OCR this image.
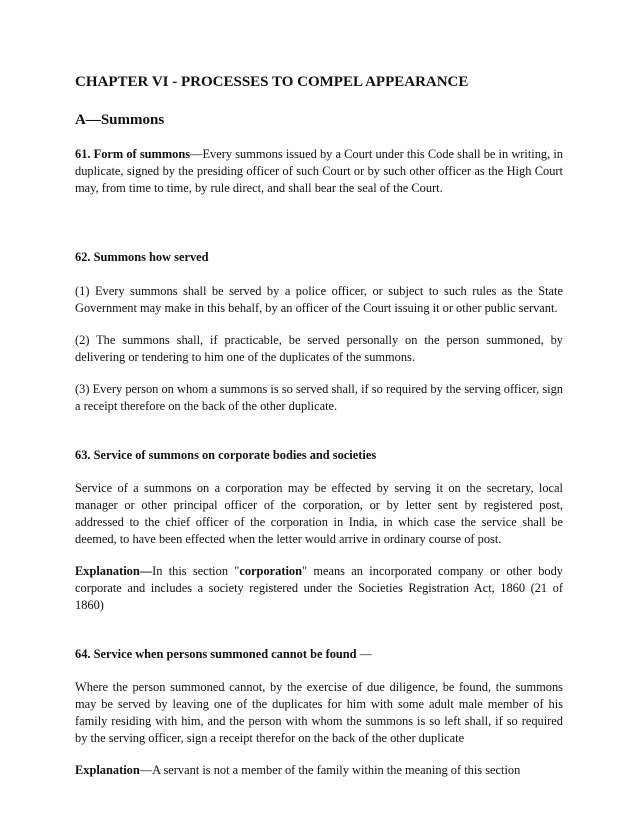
CHAPTER VI - PROCESSES TO COMPEL APPEARANCE
A—Summons

61. Form of summons—Every summons issued by a Court under this Code shall be in writing, in duplicate, signed by the presiding officer of such Court or by such other officer as the High Court may, from time to time, by rule direct, and shall bear the seal of the Court.

62. Summons how served

(1) Every summons shall be served by a police officer, or subject to such rules as the State Government may make in this behalf, by an officer of the Court issuing it or other public servant.

(2) The summons shall, if practicable, be served personally on the person summoned, by delivering or tendering to him one of the duplicates of the summons.

(3) Every person on whom a summons is so served shall, if so required by the serving officer, sign a receipt therefore on the back of the other duplicate.

63. Service of summons on corporate bodies and societies

Service of a summons on a corporation may be effected by serving it on the secretary, local manager or other principal officer of the corporation, or by letter sent by registered post, addressed to the chief officer of the corporation in India, in which case the service shall be deemed, to have been effected when the letter would arrive in ordinary course of post.

Explanation—In this section "corporation" means an incorporated company or other body corporate and includes a society registered under the Societies Registration Act, 1860 (21 of 1860)

64. Service when persons summoned cannot be found —

Where the person summoned cannot, by the exercise of due diligence, be found, the summons may be served by leaving one of the duplicates for him with some adult male member of his family residing with him, and the person with whom the summons is so left shall, if so required by the serving officer, sign a receipt therefor on the back of the other duplicate

Explanation—A servant is not a member of the family within the meaning of this section
